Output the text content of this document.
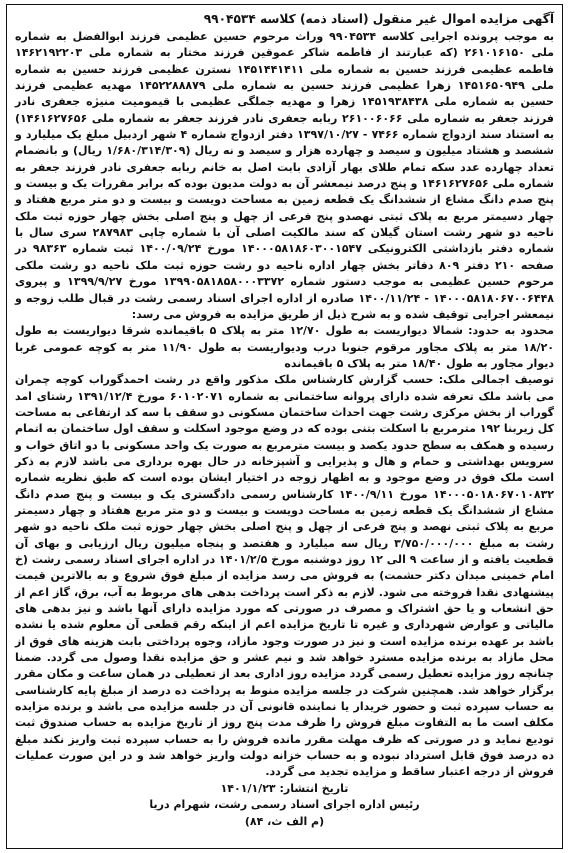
آگهی مزایده اموال غیر منقول (اسناد ذمه) کلاسه ۹۹۰۴۵۳۴

به موجب پرونده اجرایی کلاسه ۹۹۰۴۵۳۴ وراث مرحوم حسین عظیمی فرزند ابوالفضل به شماره ملی ۲۶۱۰۱۶۱۵۰ (که عبارتند از فاطمه شاکر عموقین فرزند مختار به شماره ملی ۱۴۶۲۱۹۲۲۰۳ فاطمه عظیمی فرزند حسین به شماره ملی ۱۴۵۱۴۴۱۴۱۱ نسترن عظیمی فرزند حسین به شماره ملی ۱۴۵۱۶۵۰۹۴۹ زهرا عظیمی فرزند حسین به شماره ملی ۱۴۵۲۲۸۸۸۷۹ مهدیه عظیمی فرزند حسین به شماره ملی ۱۴۵۱۹۳۸۴۳۸ زهرا و مهدیه جملگی عظیمی با قیمومیت منیژه جعفری نادر فرزند جعفر به شماره ملی ۲۶۱۰۰۶۰۶۶ ربابه جعفری نادر فرزند جعفر به شماره ملی ۱۴۶۱۶۲۷۶۵۶) به استناد سند ازدواج شماره ۷۴۶۶ - ۱۳۹۷/۱۰/۲۷ دفتر ازدواج شماره ۴ شهر اردبیل مبلغ یک میلیارد و ششصد و هشتاد میلیون و سیصد و چهارده هزار و سیصد و نه ریال (۱/۶۸۰/۳۱۴/۳۰۹ ریال) و بانضمام تعداد چهارده عدد سکه تمام طلای بهار آزادی بابت اصل به خانم ربابه جعفری نادر فرزند جعفر به شماره ملی ۱۴۶۱۶۲۷۶۵۶ و پنج درصد نیمعشر آن به دولت مدیون بوده که برابر مقررات یک و بیست و پنج صدم دانگ مشاع از ششدانگ یک قطعه زمین به مساحت دویست و بیست و دو متر مربع هفتاد و چهار دسیمتر مربع به پلاک ثبتی نهصدو پنج فرعی از چهل و پنج اصلی بخش چهار حوزه ثبت ملک ناحیه دو شهر رشت استان گیلان که سند مالکیت اصلی آن با شماره چاپی ۲۸۷۹۸۳ سری سال با شماره دفتر بازداشتی الکترونیکی ۱۴۰۰۰۵۸۱۸۶۰۳۰۰۱۵۴۷ مورخ ۱۴۰۰/۰۹/۲۴ ثبت شماره ۹۸۳۶۳ در صفحه ۲۱۰ دفتر ۸۰۹ دفاتر بخش چهار اداره ناحیه دو رشت حوزه ثبت ملک ناحیه دو رشت ملکی مرحوم حسین عظیمی به موجب دستور شماره ۱۳۹۹۰۵۸۱۸۵۸۰۰۰۳۳۷۲ مورخ ۱۳۹۹/۹/۲۷ و پیروی ۱۴۰۰۰۵۸۱۸۰۶۷۰۰۶۴۴۸ - ۱۴۰۰/۱۱/۲۴ صادره از اداره اجرای اسناد رسمی رشت در قبال طلب زوجه و نیمعشر اجرایی توقیف شده و به شرح ذیل از طریق مزایده به فروش می رسد:

محدود به حدود: شمالا دیواریست به طول ۱۲/۷۰ متر به پلاک ۵ باقیمانده شرقا دیواریست به طول ۱۸/۲۰ متر به پلاک مجاور مرقوم جنوبا درب ودیواریست به طول ۱۱/۹۰ متر به کوچه عمومی غربا دیوار مجاور به طول ۱۸/۴۰ متر به پلاک ۵ باقیمانده

توصیف اجمالی ملک: حسب گزارش کارشناس ملک مذکور واقع در رشت احمدگوراب کوچه چمران می باشد ملک تعرفه شده دارای پروانه ساختمانی به شماره ۶۰۱۰۲۰۷۱ مورخ ۱۳۹۱/۱۲/۴ رشتای امد گوراب از بخش مرکزی رشت جهت احداث ساختمان مسکونی دو سقف با سه کد ارتفاعی به مساحت کل زیربنا ۱۹۲ مترمربع با اسکلت بتنی بوده که در وضع موجود اسکلت و سقف اول ساختمان به اتمام رسیده و همکف به سطح حدود یکصد و بیست مترمربع به صورت یک واحد مسکونی با دو اتاق خواب و سرویس بهداشتی و حمام و هال و پذیرایی و آشپزخانه در حال بهره برداری می باشد لازم به ذکر است ملک فوق در وضع موجود و به اظهار زوجه در اختیار ایشان بوده است که طبق نظریه شماره ۱۴۰۰۰۵۰۱۸۰۶۷۰۱۰۸۳۲ مورخ ۱۴۰۰/۹/۱۱ کارشناس رسمی دادگستری یک و بیست و پنج صدم دانگ مشاع از ششدانگ یک قطعه زمین به مساحت دویست و بیست و دو متر مربع هفتاد و چهار دسیمتر مربع به پلاک ثبتی نهصد و پنج فرعی از چهل و پنج اصلی بخش چهار حوزه ثبت ملک ناحیه دو شهر رشت به مبلغ ۳/۷۵۰/۰۰۰/۰۰۰ ریال سه میلیارد و هفتصد و پنجاه میلیون ریال ارزیابی و بهای آن قطعیت یافته و از ساعت ۹ الی ۱۲ روز دوشنبه مورخ ۱۴۰۱/۲/۵ در اداره اجرای اسناد رسمی رشت (خ امام خمینی میدان دکتر حشمت) به فروش می رسد مزایده از مبلغ فوق شروع و به بالاترین قیمت پیشنهادی نقدا فروخته می شود. لازم به ذکر است پرداخت بدهی های مربوط به آب، برق، گاز اعم از حق انشعاب و یا حق اشتراک و مصرف در صورتی که مورد مزایده دارای آنها باشد و نیز بدهی های مالیاتی و عوارض شهرداری و غیره تا تاریخ مزایده اعم از اینکه رقم قطعی آن معلوم شده یا نشده باشد بر عهده برنده مزایده است و نیز در صورت وجود مازاد، وجوه پرداختی بابت هزینه های فوق از محل مازاد به برنده مزایده مسترد خواهد شد و نیم عشر و حق مزایده نقدا وصول می گردد. ضمنا چنانچه روز مزایده تعطیل رسمی گردد مزایده روز اداری بعد از تعطیلی در همان ساعت و مکان مقرر برگزار خواهد شد. همچنین شرکت در جلسه مزایده منوط به پرداخت ده درصد از مبلغ پایه کارشناسی به حساب سپرده ثبت و حضور خریدار یا نماینده قانونی آن در جلسه مزایده می باشد و برنده مزایده مکلف است ما به التفاوت مبلغ فروش را ظرف مدت پنج روز از تاریخ مزایده به حساب صندوق ثبت تودیع نماید و در صورتی که ظرف مهلت مقرر مانده فروش را به حساب سپرده ثبت واریز نکند مبلغ ده درصد فوق قابل استرداد نبوده و به حساب خزانه دولت واریز خواهد شد و در این صورت عملیات فروش از درجه اعتبار ساقط و مزایده تجدید می گردد.

تاریخ انتشار: ۱۴۰۱/۱/۲۳

رئیس اداره اجرای اسناد رسمی رشت، شهرام دریا

(م الف ث، ۸۴)
